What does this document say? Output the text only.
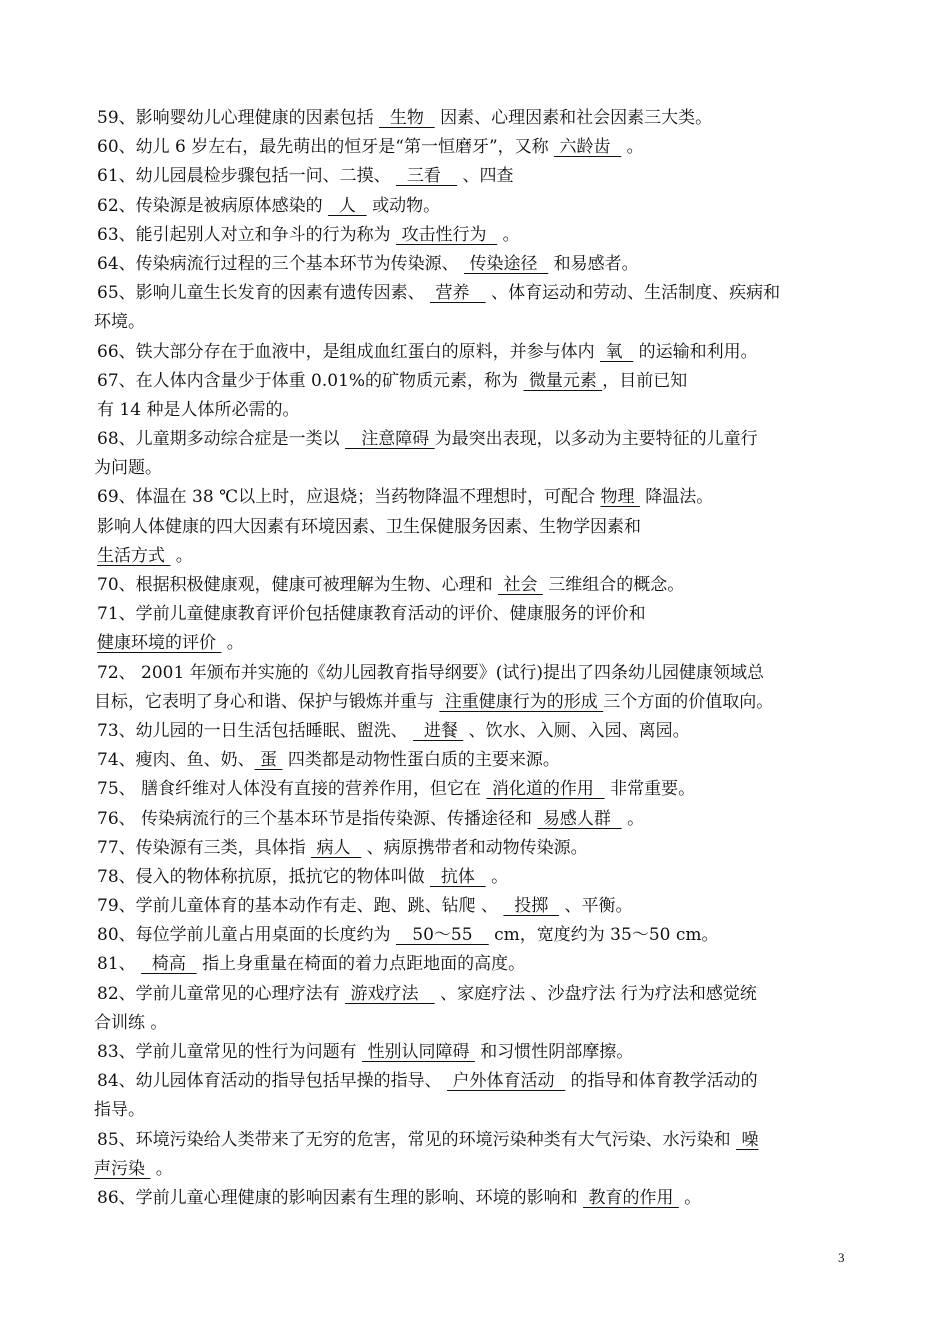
59、影响婴幼儿心理健康的因素包括   生物   因素、心理因素和社会因素三大类。
60、幼儿 6 岁左右，最先萌出的恒牙是“第一恒磨牙”，又称  六龄齿   。
61、幼儿园晨检步骤包括一问、二摸、   三看    、四查
62、传染源是被病原体感染的   人   或动物。
63、能引起别人对立和争斗的行为称为  攻击性行为   。
64、传染病流行过程的三个基本环节为传染源、  传染途径   和易感者。
65、影响儿童生长发育的因素有遗传因素、  营养    、体育运动和劳动、生活制度、疾病和
环境。
66、铁大部分存在于血液中，是组成血红蛋白的原料，并参与体内  氧   的运输和利用。
67、在人体内含量少于体重 0.01%的矿物质元素，称为  微量元素 ，目前已知
有 14 种是人体所必需的。
68、儿童期多动综合症是一类以    注意障碍 为最突出表现，以多动为主要特征的儿童行
为问题。
69、体温在 38 ℃以上时，应退烧；当药物降温不理想时，可配合 物理  降温法。
影响人体健康的四大因素有环境因素、卫生保健服务因素、生物学因素和
生活方式  。
70、根据积极健康观，健康可被理解为生物、心理和  社会  三维组合的概念。
71、学前儿童健康教育评价包括健康教育活动的评价、健康服务的评价和
健康环境的评价  。
72、 2001 年颁布并实施的《幼儿园教育指导纲要》(试行)提出了四条幼儿园健康领域总
目标，它表明了身心和谐、保护与锻炼并重与  注重健康行为的形成 三个方面的价值取向。
73、幼儿园的一日生活包括睡眠、盥洗、   进餐  、饮水、入厕、入园、离园。
74、瘦肉、鱼、奶、 蛋  四类都是动物性蛋白质的主要来源。
75、 膳食纤维对人体没有直接的营养作用，但它在  消化道的作用   非常重要。
76、 传染病流行的三个基本环节是指传染源、传播途径和  易感人群   。
77、传染源有三类，具体指  病人   、病原携带者和动物传染源。
78、侵入的物体称抗原，抵抗它的物体叫做   抗体   。
79、学前儿童体育的基本动作有走、跑、跳、钻爬 、   投掷   、平衡。
80、每位学前儿童占用桌面的长度约为    50～55    cm，宽度约为 35～50 cm。
81、   椅高   指上身重量在椅面的着力点距地面的高度。
82、学前儿童常见的心理疗法有  游戏疗法    、家庭疗法 、沙盘疗法 行为疗法和感觉统
合训练 。
83、学前儿童常见的性行为问题有  性别认同障碍  和习惯性阴部摩擦。
84、幼儿园体育活动的指导包括早操的指导、  户外体育活动   的指导和体育教学活动的
指导。
85、环境污染给人类带来了无穷的危害，常见的环境污染种类有大气污染、水污染和  噪
声污染  。
86、学前儿童心理健康的影响因素有生理的影响、环境的影响和  教育的作用  。
3
